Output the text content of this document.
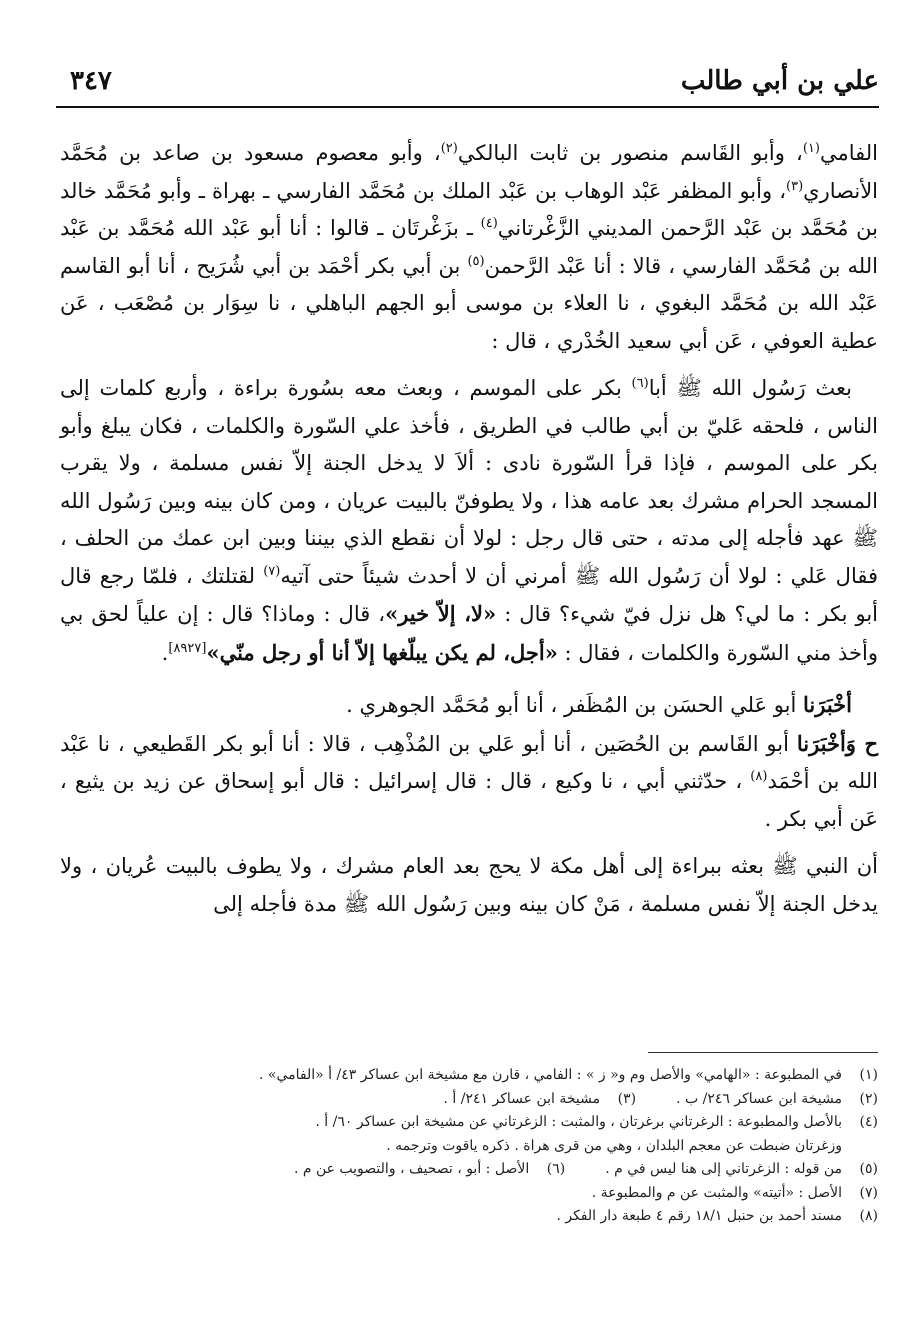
علي بن أبي طالب
٣٤٧

الفامي$^{(١)}$، وأبو القَاسم منصور بن ثابت البالكي$^{(٢)}$، وأبو معصوم مسعود بن صاعد بن مُحَمَّد الأنصاري$^{(٣)}$، وأبو المظفر عَبْد الوهاب بن عَبْد الملك بن مُحَمَّد الفارسي ـ بهراة ـ وأبو مُحَمَّد خالد بن مُحَمَّد بن عَبْد الرَّحمن المديني الزَّغْرتاني$^{(٤)}$ ـ بزَغْرتَان ـ قالوا : أنا أبو عَبْد الله مُحَمَّد بن عَبْد الله بن مُحَمَّد الفارسي ، قالا : أنا عَبْد الرَّحمن$^{(٥)}$ بن أبي بكر أحْمَد بن أبي شُرَيح ، أنا أبو القاسم عَبْد الله بن مُحَمَّد البغوي ، نا العلاء بن موسى أبو الجهم الباهلي ، نا سِوَار بن مُصْعَب ، عَن عطية العوفي ، عَن أبي سعيد الخُدْري ، قال :

بعث رَسُول الله ﷺ أبا$^{(٦)}$ بكر على الموسم ، وبعث معه بسُورة براءة ، وأربع كلمات إلى الناس ، فلحقه عَليّ بن أبي طالب في الطريق ، فأخذ علي السّورة والكلمات ، فكان يبلغ وأبو بكر على الموسم ، فإذا قرأ السّورة نادى : ألاَ لا يدخل الجنة إلاّ نفس مسلمة ، ولا يقرب المسجد الحرام مشرك بعد عامه هذا ، ولا يطوفنّ بالبيت عريان ، ومن كان بينه وبين رَسُول الله ﷺ عهد فأجله إلى مدته ، حتى قال رجل : لولا أن نقطع الذي بيننا وبين ابن عمك من الحلف ، فقال عَلي : لولا أن رَسُول الله ﷺ أمرني أن لا أحدث شيئاً حتى آتيه$^{(٧)}$ لقتلتك ، فلمّا رجع قال أبو بكر : ما لي؟ هل نزل فيّ شيء؟ قال : «لا، إلاّ خير»، قال : وماذا؟ قال : إن علياً لحق بي وأخذ مني السّورة والكلمات ، فقال : «أجل، لم يكن يبلّغها إلاّ أنا أو رجل منّي»[٨٩٢٧].

أخْبَرَنا أبو عَلي الحسَن بن المُظَفر ، أنا أبو مُحَمَّد الجوهري .

ح وَأخْبَرَنا أبو القَاسم بن الحُصَين ، أنا أبو عَلي بن المُذْهِب ، قالا : أنا أبو بكر القَطيعي ، نا عَبْد الله بن أحْمَد$^{(٨)}$ ، حدّثني أبي ، نا وكيع ، قال : قال إسرائيل : قال أبو إسحاق عن زيد بن يثيع ، عَن أبي بكر .

أن النبي ﷺ بعثه ببراءة إلى أهل مكة لا يحج بعد العام مشرك ، ولا يطوف بالبيت عُريان ، ولا يدخل الجنة إلاّ نفس مسلمة ، مَنْ كان بينه وبين رَسُول الله ﷺ مدة فأجله إلى

(١)
في المطبوعة : «الهامي» والأصل وم و« ز » : الفامي ، قارن مع مشيخة ابن عساكر ٤٣/ أ «الفامي» .
(٢)
مشيخة ابن عساكر ٢٤٦/ ب .
(٣)
مشيخة ابن عساكر ٢٤١/ أ .
(٤)
بالأصل والمطبوعة : الرغرتاني برغرتان ، والمثبت : الزغرتاني عن مشيخة ابن عساكر ٦٠/ أ .
وزغرتان ضبطت عن معجم البلدان ، وهي من قرى هراة . ذكره ياقوت وترجمه .
(٥)
من قوله : الزغرتاني إلى هنا ليس في م .
(٦)
الأصل : أبو ، تصحيف ، والتصويب عن م .
(٧)
الأصل : «أتيته» والمثبت عن م والمطبوعة .
(٨)
مسند أحمد بن حنبل ١٨/١ رقم ٤ طبعة دار الفكر .
